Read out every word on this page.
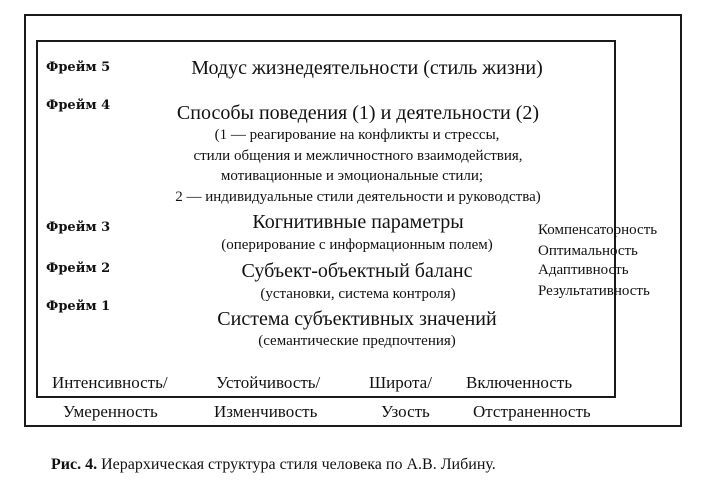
Фрейм 5	Модус жизнедеятельности (стиль жизни)
Фрейм 4	Способы поведения (1) и деятельности (2)
(1 — реагирование на конфликты и стрессы,
стили общения и межличностного взаимодействия,
мотивационные и эмоциональные стили;
2 — индивидуальные стили деятельности и руководства)
Фрейм 3	Когнитивные параметры
(оперирование с информационным полем)
Фрейм 2	Субъект-объектный баланс
(установки, система контроля)
Фрейм 1
Система субъективных значений
(семантические предпочтения)
Компенсаторность
Оптимальность
Адаптивность
Результативность
Интенсивность/	Устойчивость/	Широта/ Включенность
Умеренность	Изменчивость	Узость	Отстраненность
Рис. 4. Иерархическая структура стиля человека по А.В. Либину.
